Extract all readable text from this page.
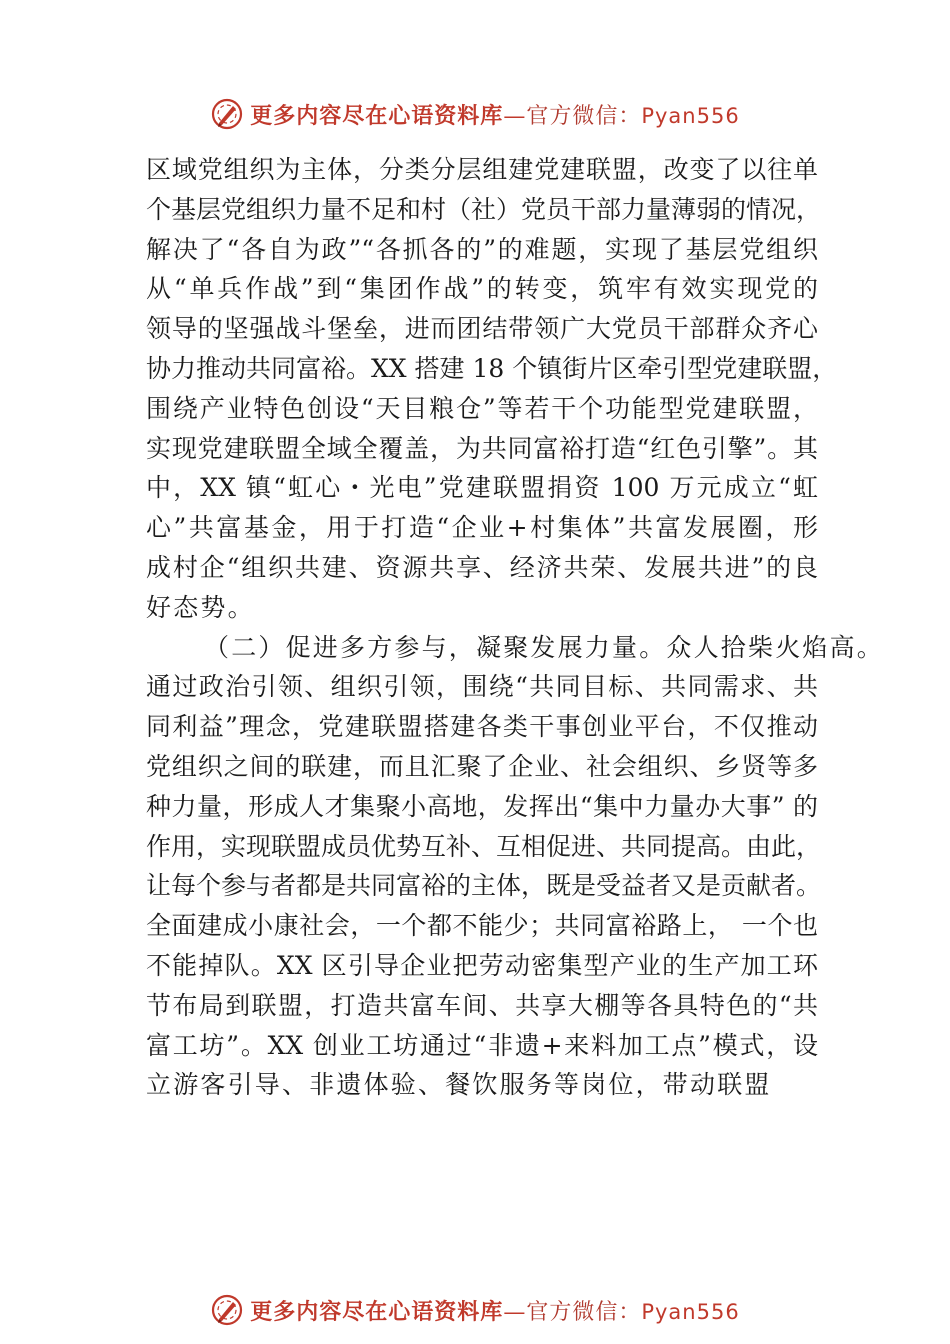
更多内容尽在心语资料库—官方微信：Pyan556
区域党组织为主体，分类分层组建党建联盟，改变了以往单
个基层党组织力量不足和村（社）党员干部力量薄弱的情况，
解决了“各自为政”“各抓各的”的难题，实现了基层党组织
从“单兵作战”到“集团作战”的转变，筑牢有效实现党的
领导的坚强战斗堡垒，进而团结带领广大党员干部群众齐心
协力推动共同富裕。XX 搭建 18 个镇街片区牵引型党建联盟，
围绕产业特色创设“天目粮仓”等若干个功能型党建联盟，
实现党建联盟全域全覆盖，为共同富裕打造“红色引擎”。其
中，XX 镇“虹心・光电”党建联盟捐资 100 万元成立“虹
心”共富基金，用于打造“企业+村集体”共富发展圈，形
成村企“组织共建、资源共享、经济共荣、发展共进”的良
好态势。
（二）促进多方参与，凝聚发展力量。众人拾柴火焰高。
通过政治引领、组织引领，围绕“共同目标、共同需求、共
同利益”理念，党建联盟搭建各类干事创业平台，不仅推动
党组织之间的联建，而且汇聚了企业、社会组织、乡贤等多
种力量，形成人才集聚小高地，发挥出“集中力量办大事” 的
作用，实现联盟成员优势互补、互相促进、共同提高。由此，
让每个参与者都是共同富裕的主体，既是受益者又是贡献者。
全面建成小康社会，一个都不能少；共同富裕路上， 一个也
不能掉队。XX 区引导企业把劳动密集型产业的生产加工环
节布局到联盟，打造共富车间、共享大棚等各具特色的“共
富工坊”。XX 创业工坊通过“非遗+来料加工点”模式，设
立游客引导、非遗体验、餐饮服务等岗位，带动联盟
更多内容尽在心语资料库—官方微信：Pyan556
